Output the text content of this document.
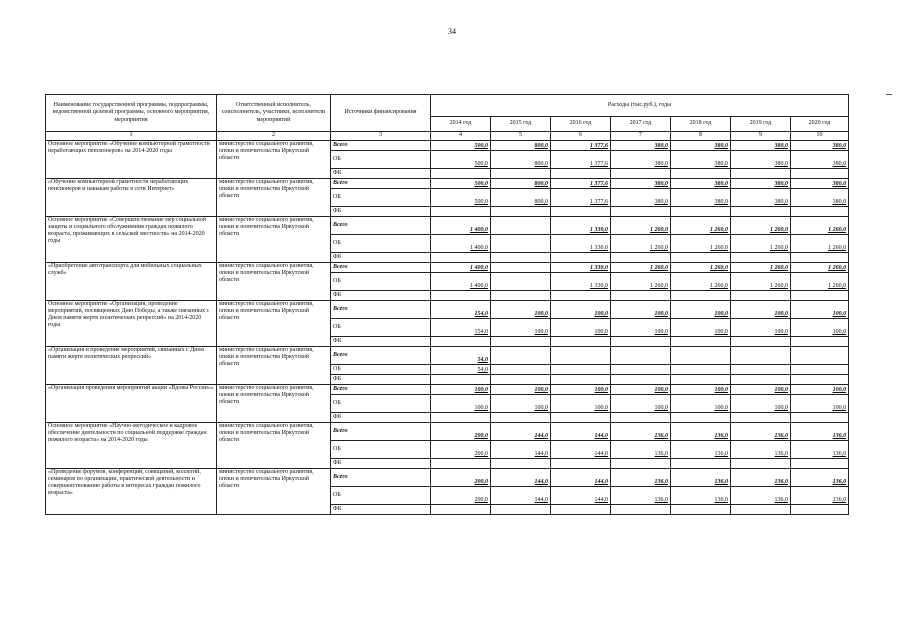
34
Наименование государственной программы, подпрограммы, ведомственной целевой программы, основного мероприятия, мероприятия	Ответственный исполнитель, соисполнитель, участники, исполнители мероприятий	Источники финансирования	Расходы (тыс.руб.), годы						
			2014 год	2015 год	2016 год	2017 год	2018 год	2019 год	2020 год
1	2	3	4	5	6	7	8	9	10
Основное мероприятие «Обучение компьютерной грамотности неработающих пенсионеров» на 2014-2020 годы	министерство социального развития, опеки и попечительства Иркутской области	Всего	500,0	800,0	1 377,6	380,0	380,0	380,0	380,0
		ОБ	500,0	800,0	1 377,6	380,0	380,0	380,0	380,0
		ФБ							
«Обучение компьютерной грамотности неработающих пенсионеров и навыкам работы в сети Интернет»	министерство социального развития, опеки и попечительства Иркутской области	Всего	500,0	800,0	1 377,6	380,0	380,0	380,0	380,0
		ОБ	500,0	800,0	1 377,6	380,0	380,0	380,0	380,0
		ФБ							
Основное мероприятие «Совершенствование мер социальной защиты и социального обслуживания граждан пожилого возраста, проживающих в сельской местности» на 2014-2020 годы	министерство социального развития, опеки и попечительства Иркутской области	Всего	1 400,0		1 330,0	1 260,0	1 260,0	1 260,0	1 260,0
		ОБ	1 400,0		1 330,0	1 260,0	1 260,0	1 260,0	1 260,0
		ФБ							
«Приобретение автотранспорта для мобильных социальных служб»	министерство социального развития, опеки и попечительства Иркутской области	Всего	1 400,0		1 330,0	1 260,0	1 260,0	1 260,0	1 260,0
		ОБ	1 400,0		1 330,0	1 260,0	1 260,0	1 260,0	1 260,0
		ФБ							
Основное мероприятие «Организация, проведение мероприятий, посвященных Дню Победы, а также связанных с Днем памяти жертв политических репрессий» на 2014-2020 годы	министерство социального развития, опеки и попечительства Иркутской области	Всего	154,0	100,0	100,0	100,0	100,0	100,0	100,0
		ОБ	154,0	100,0	100,0	100,0	100,0	100,0	100,0
		ФБ							
«Организация и проведение мероприятий, связанных с Днем памяти жертв политических репрессий»	министерство социального развития, опеки и попечительства Иркутской области	Всего	54,0						
		ОБ	54,0						
		ФБ							
«Организация проведения мероприятий акции «Вдовы России»»	министерство социального развития, опеки и попечительства Иркутской области	Всего	100,0	100,0	100,0	100,0	100,0	100,0	100,0
		ОБ	100,0	100,0	100,0	100,0	100,0	100,0	100,0
		ФБ							
Основное мероприятие «Научно-методическое и кадровое обеспечение деятельности по социальной поддержке граждан пожилого возраста» на 2014-2020 годы	министерство социального развития, опеки и попечительства Иркутской области	Всего	200,0	144,0	144,0	136,0	136,0	136,0	136,0
		ОБ	200,0	144,0	144,0	136,0	136,0	136,0	136,0
		ФБ							
«Проведение форумов, конференций, совещаний, коллегий, семинаров по организации, практической деятельности и совершенствованию работы в интересах граждан пожилого возраста»	министерство социального развития, опеки и попечительства Иркутской области	Всего	200,0	144,0	144,0	136,0	136,0	136,0	136,0
		ОБ	200,0	144,0	144,0	136,0	136,0	136,0	136,0
		ФБ							
